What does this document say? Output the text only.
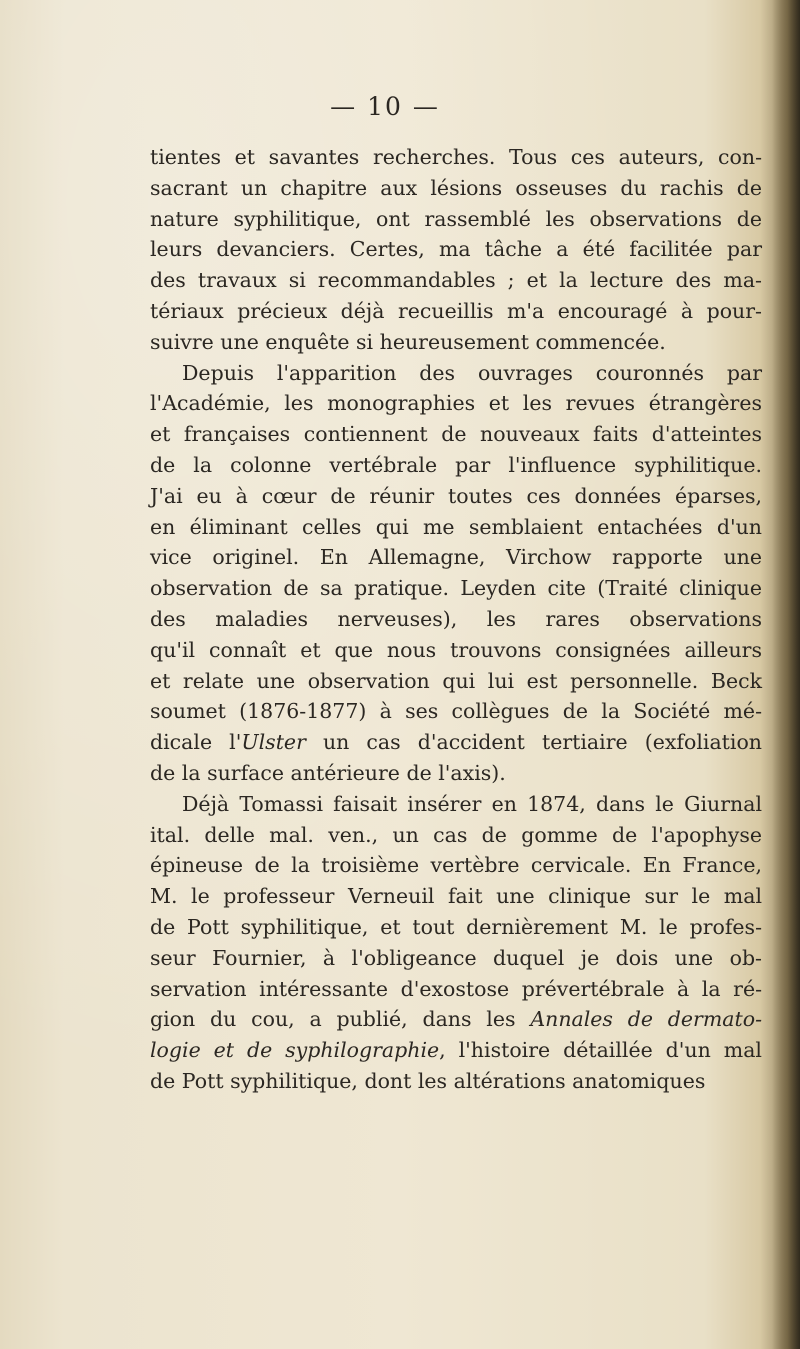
— 10 —
tientes et savantes recherches. Tous ces auteurs, con-
sacrant un chapitre aux lésions osseuses du rachis de
nature syphilitique, ont rassemblé les observations de
leurs devanciers. Certes, ma tâche a été facilitée par
des travaux si recommandables ; et la lecture des ma-
tériaux précieux déjà recueillis m'a encouragé à pour-
suivre une enquête si heureusement commencée.
Depuis l'apparition des ouvrages couronnés par
l'Académie, les monographies et les revues étrangères
et françaises contiennent de nouveaux faits d'atteintes
de la colonne vertébrale par l'influence syphilitique.
J'ai eu à cœur de réunir toutes ces données éparses,
en éliminant celles qui me semblaient entachées d'un
vice originel. En Allemagne, Virchow rapporte une
observation de sa pratique. Leyden cite (Traité clinique
des maladies nerveuses), les rares observations
qu'il connaît et que nous trouvons consignées ailleurs
et relate une observation qui lui est personnelle. Beck
soumet (1876-1877) à ses collègues de la Société mé-
dicale l'Ulster un cas d'accident tertiaire (exfoliation
de la surface antérieure de l'axis).
Déjà Tomassi faisait insérer en 1874, dans le Giurnal
ital. delle mal. ven., un cas de gomme de l'apophyse
épineuse de la troisième vertèbre cervicale. En France,
M. le professeur Verneuil fait une clinique sur le mal
de Pott syphilitique, et tout dernièrement M. le profes-
seur Fournier, à l'obligeance duquel je dois une ob-
servation intéressante d'exostose prévertébrale à la ré-
gion du cou, a publié, dans les Annales de dermato-
logie et de syphilographie, l'histoire détaillée d'un mal
de Pott syphilitique, dont les altérations anatomiques
